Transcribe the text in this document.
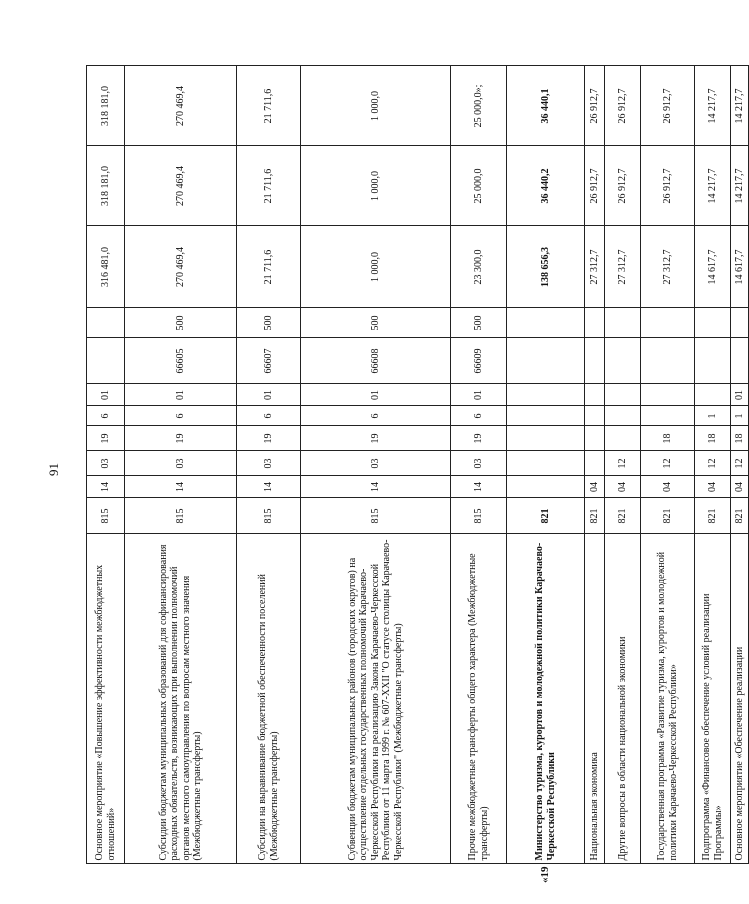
91
	Основное мероприятие «Повышение эффективности межбюджетных отношений»	815	14	03	19	6	01			316 481,0	318 181,0	318 181,0
	Субсидии бюджетам муниципальных образований для софинансирования расходных обязательств, возникающих при выполнении полномочий органов местного самоуправления по вопросам местного значения (Межбюджетные трансферты)	815	14	03	19	6	01	66605	500	270 469,4	270 469,4	270 469,4
	Субсидии на выравнивание бюджетной обеспеченности поселений (Межбюджетные трансферты)	815	14	03	19	6	01	66607	500	21 711,6	21 711,6	21 711,6
	Субвенции бюджетам муниципальных районов (городских округов) на осуществление отдельных государственных полномочий Карачаево-Черкесской Республики на реализацию Закона Карачаево-Черкесской Республики от 11 марта 1999 г. № 607-XXII "О статусе столицы Карачаево-Черкесской Республики" (Межбюджетные трансферты)	815	14	03	19	6	01	66608	500	1 000,0	1 000,0	1 000,0
	Прочие межбюджетные трансферты общего характера (Межбюджетные трансферты)	815	14	03	19	6	01	66609	500	23 300,0	25 000,0	25 000,0»;
«19	Министерство туризма, курортов и молодежной политики Карачаево-Черкесской Республики	821								138 656,3	36 440,2	36 440,1
	Национальная экономика	821	04							27 312,7	26 912,7	26 912,7
	Другие вопросы в области национальной экономики	821	04	12						27 312,7	26 912,7	26 912,7
	Государственная программа «Развитие туризма, курортов и молодежной политики Карачаево-Черкесской Республики»	821	04	12	18					27 312,7	26 912,7	26 912,7
	Подпрограмма «Финансовое обеспечение условий реализации Программы»	821	04	12	18	1				14 617,7	14 217,7	14 217,7
	Основное мероприятие «Обеспечение реализации	821	04	12	18	1	01			14 617,7	14 217,7	14 217,7
